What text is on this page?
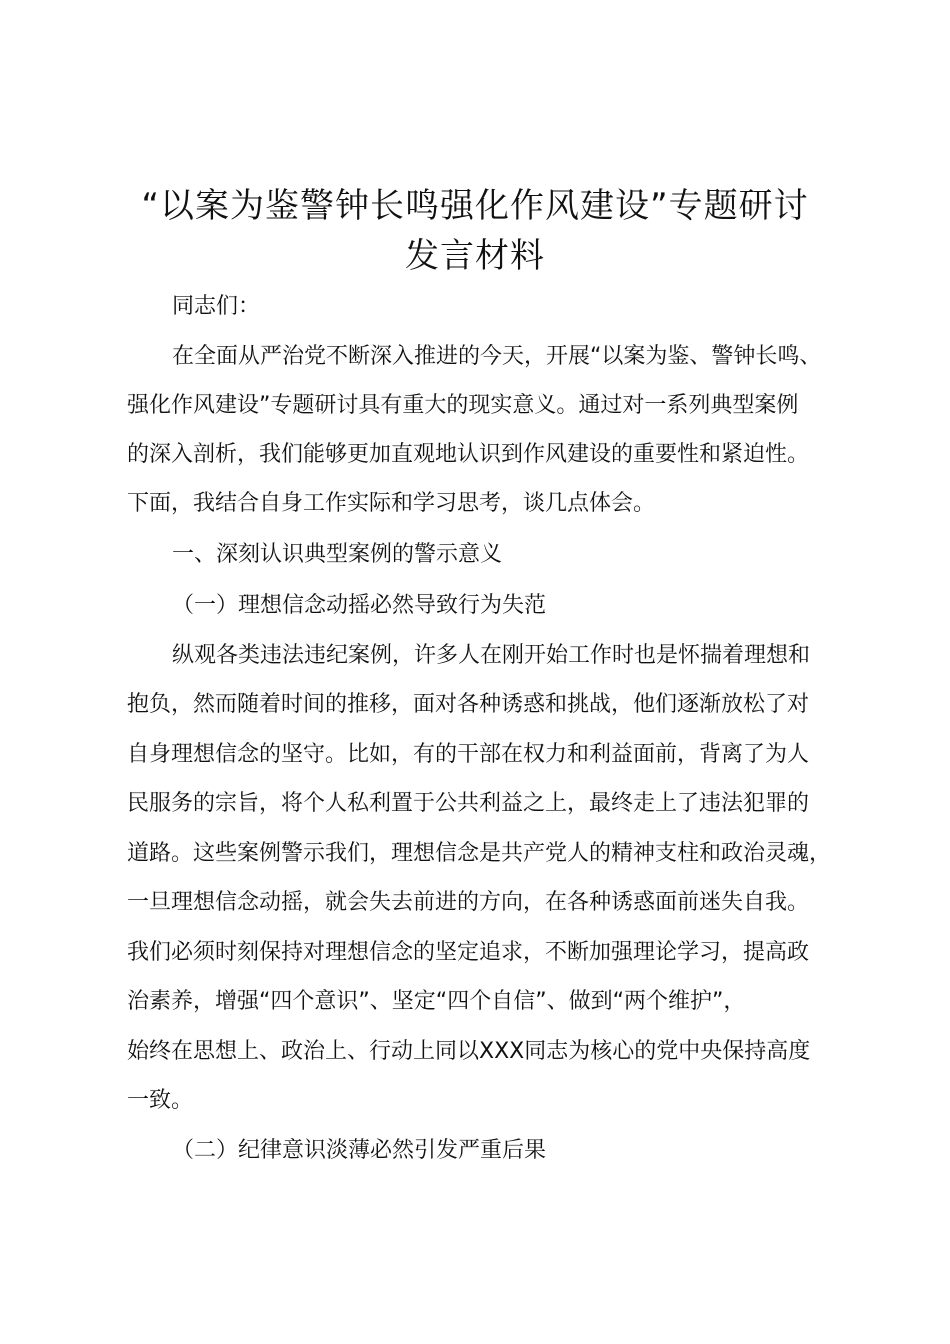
“以案为鉴警钟长鸣强化作风建设”专题研讨
发言材料
同志们：
在全面从严治党不断深入推进的今天，开展“以案为鉴、警钟长鸣、
强化作风建设”专题研讨具有重大的现实意义。通过对一系列典型案例
的深入剖析，我们能够更加直观地认识到作风建设的重要性和紧迫性。
下面，我结合自身工作实际和学习思考，谈几点体会。
一、深刻认识典型案例的警示意义
（一）理想信念动摇必然导致行为失范
纵观各类违法违纪案例，许多人在刚开始工作时也是怀揣着理想和
抱负，然而随着时间的推移，面对各种诱惑和挑战，他们逐渐放松了对
自身理想信念的坚守。比如，有的干部在权力和利益面前，背离了为人
民服务的宗旨，将个人私利置于公共利益之上，最终走上了违法犯罪的
道路。这些案例警示我们，理想信念是共产党人的精神支柱和政治灵魂，
一旦理想信念动摇，就会失去前进的方向，在各种诱惑面前迷失自我。
我们必须时刻保持对理想信念的坚定追求，不断加强理论学习，提高政
治素养，增强“四个意识”、坚定“四个自信”、做到“两个维护”，
始终在思想上、政治上、行动上同以XXX同志为核心的党中央保持高度
一致。
（二）纪律意识淡薄必然引发严重后果
